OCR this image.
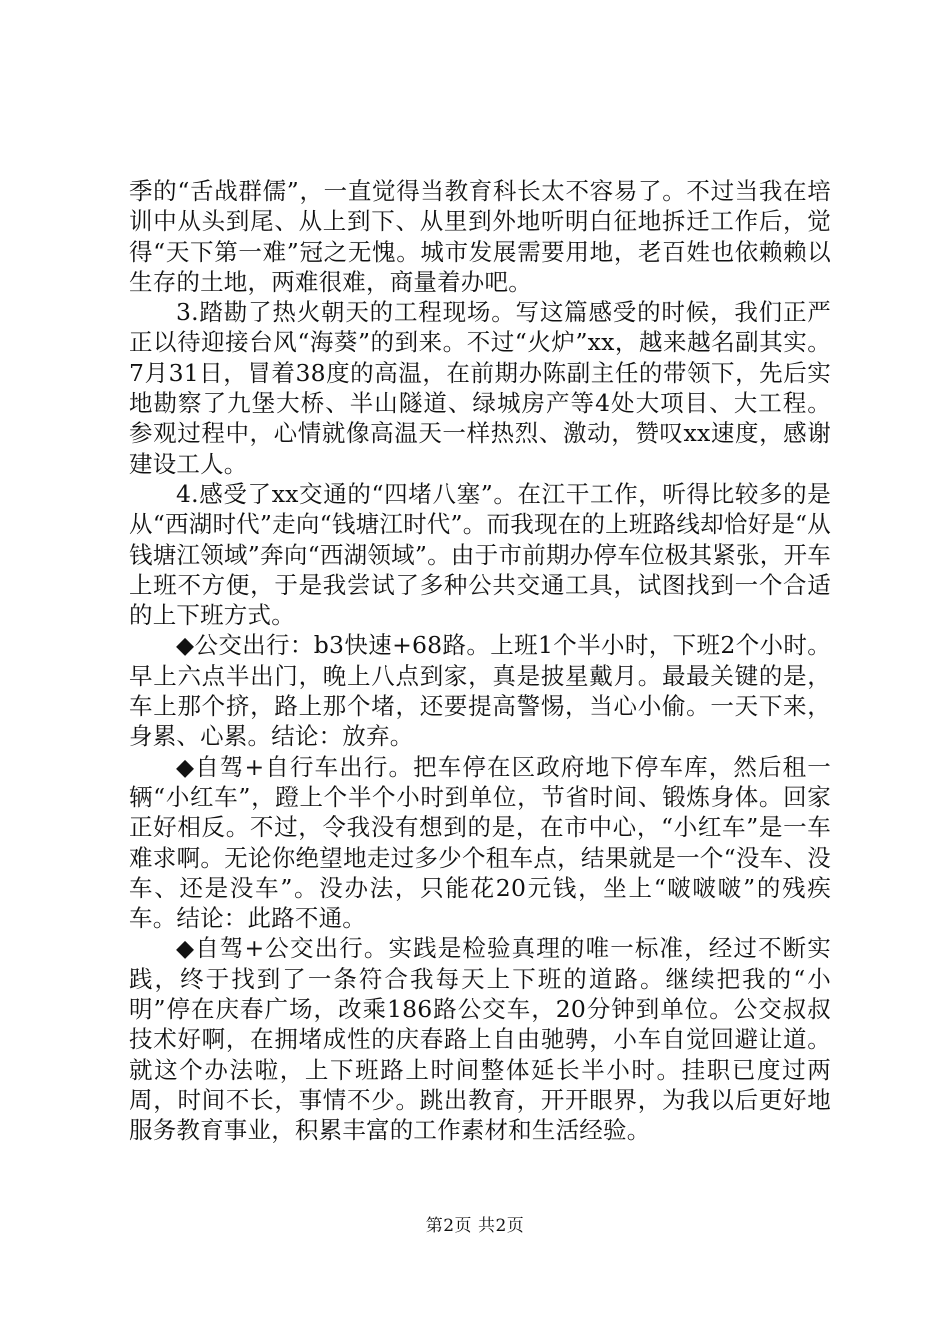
季的“舌战群儒”，一直觉得当教育科长太不容易了。不过当我在培训中从头到尾、从上到下、从里到外地听明白征地拆迁工作后，觉得“天下第一难”冠之无愧。城市发展需要用地，老百姓也依赖赖以生存的土地，两难很难，商量着办吧。

3.踏勘了热火朝天的工程现场。写这篇感受的时候，我们正严正以待迎接台风“海葵”的到来。不过“火炉”xx，越来越名副其实。7月31日，冒着38度的高温，在前期办陈副主任的带领下，先后实地勘察了九堡大桥、半山隧道、绿城房产等4处大项目、大工程。参观过程中，心情就像高温天一样热烈、激动，赞叹xx速度，感谢建设工人。

4.感受了xx交通的“四堵八塞”。在江干工作，听得比较多的是从“西湖时代”走向“钱塘江时代”。而我现在的上班路线却恰好是“从钱塘江领域”奔向“西湖领域”。由于市前期办停车位极其紧张，开车上班不方便，于是我尝试了多种公共交通工具，试图找到一个合适的上下班方式。

◆公交出行：b3快速+68路。上班1个半小时，下班2个小时。早上六点半出门，晚上八点到家，真是披星戴月。最最关键的是，车上那个挤，路上那个堵，还要提高警惕，当心小偷。一天下来，身累、心累。结论：放弃。

◆自驾+自行车出行。把车停在区政府地下停车库，然后租一辆“小红车”，蹬上个半个小时到单位，节省时间、锻炼身体。回家正好相反。不过，令我没有想到的是，在市中心，“小红车”是一车难求啊。无论你绝望地走过多少个租车点，结果就是一个“没车、没车、还是没车”。没办法，只能花20元钱，坐上“啵啵啵”的残疾车。结论：此路不通。

◆自驾+公交出行。实践是检验真理的唯一标准，经过不断实践，终于找到了一条符合我每天上下班的道路。继续把我的“小明”停在庆春广场，改乘186路公交车，20分钟到单位。公交叔叔技术好啊，在拥堵成性的庆春路上自由驰骋，小车自觉回避让道。就这个办法啦，上下班路上时间整体延长半小时。挂职已度过两周，时间不长，事情不少。跳出教育，开开眼界，为我以后更好地服务教育事业，积累丰富的工作素材和生活经验。

第2页 共2页
